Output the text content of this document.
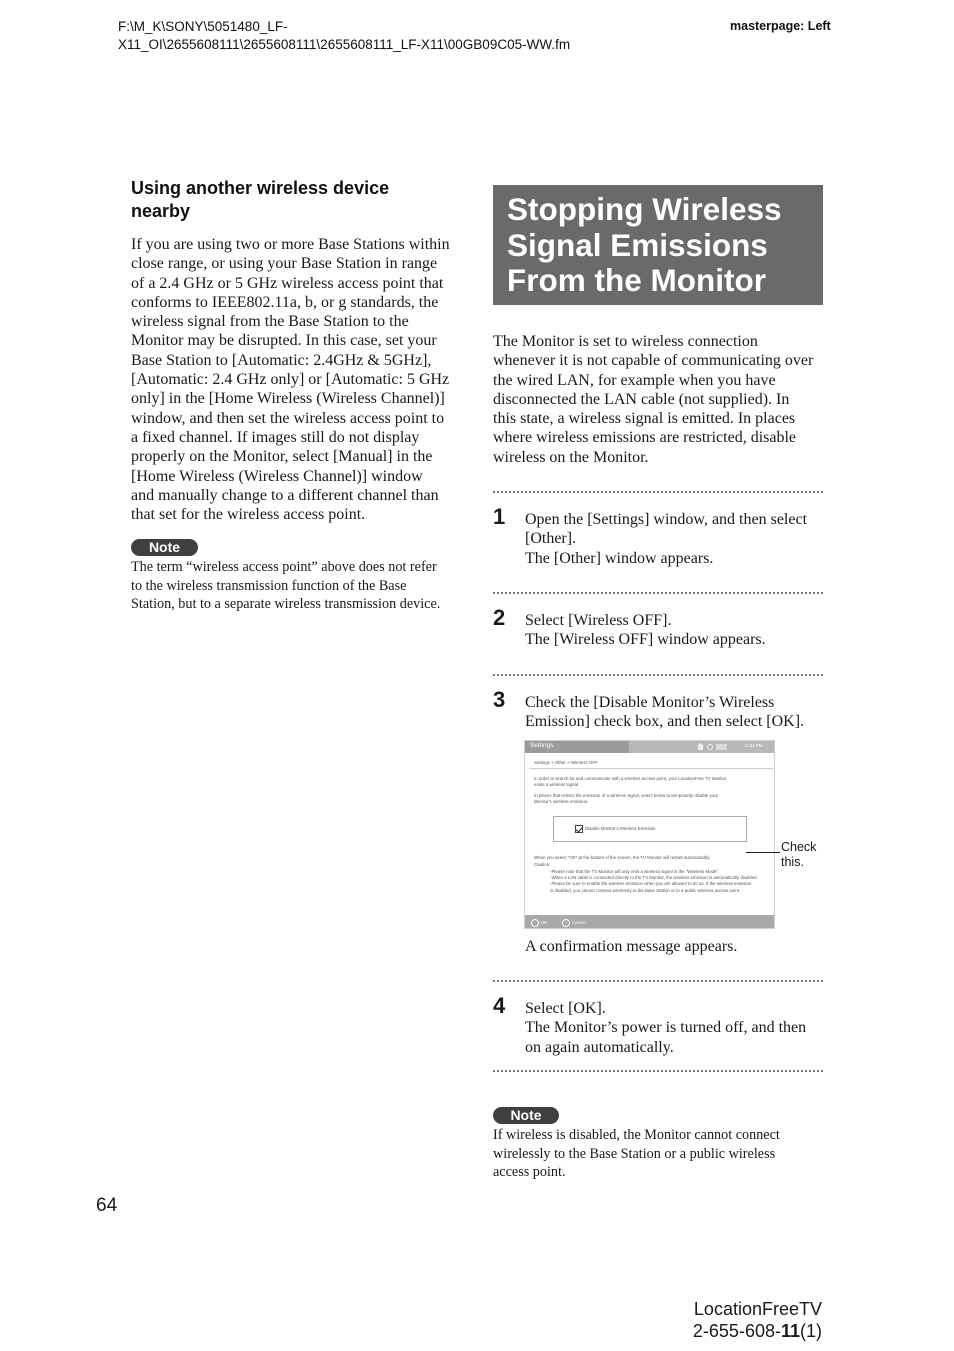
F:\M_K\SONY\5051480_LF-
X11_OI\2655608111\2655608111\2655608111_LF-X11\00GB09C05-WW.fm
masterpage: Left
Using another wireless device
nearby
If you are using two or more Base Stations within
close range, or using your Base Station in range
of a 2.4 GHz or 5 GHz wireless access point that
conforms to IEEE802.11a, b, or g standards, the
wireless signal from the Base Station to the
Monitor may be disrupted. In this case, set your
Base Station to [Automatic: 2.4GHz & 5GHz],
[Automatic: 2.4 GHz only] or [Automatic: 5 GHz
only] in the [Home Wireless (Wireless Channel)]
window, and then set the wireless access point to
a fixed channel. If images still do not display
properly on the Monitor, select [Manual] in the
[Home Wireless (Wireless Channel)] window
and manually change to a different channel than
that set for the wireless access point.
Note
The term “wireless access point” above does not refer
to the wireless transmission function of the Base
Station, but to a separate wireless transmission device.
Stopping Wireless
Signal Emissions
From the Monitor
The Monitor is set to wireless connection
whenever it is not capable of communicating over
the wired LAN, for example when you have
disconnected the LAN cable (not supplied). In
this state, a wireless signal is emitted. In places
where wireless emissions are restricted, disable
wireless on the Monitor.
1 Open the [Settings] window, and then select
[Other].
The [Other] window appears.
2 Select [Wireless OFF].
The [Wireless OFF] window appears.
3 Check the [Disable Monitor’s Wireless
Emission] check box, and then select [OK].
Settings	11:52 PM
Settings > Other > Wireless OFF
In order to search for and communicate with a wireless access point, your LocationFree TV Monitor
emits a wireless signal.
In places that restrict the emission of a wireless signal, select below to temporarily disable your
Monitor's wireless emission.
Disable Monitor's Wireless Emission
When you select "OK" at the bottom of the screen, the TV Monitor will restart automatically.
Caution:
-Please note that the TV Monitor will only emit a wireless signal in the "Wireless Mode".
-When a LAN cable is connected directly to the TV Monitor, the wireless emission is automatically disabled.
-Please be sure to enable the wireless emission when you are allowed to do so. If the wireless emission
is disabled, you cannot connect wirelessly to the Base Station or to a public wireless access point.
OK	Cancel
Check
this.
A confirmation message appears.
4 Select [OK].
The Monitor’s power is turned off, and then
on again automatically.
Note
If wireless is disabled, the Monitor cannot connect
wirelessly to the Base Station or a public wireless
access point.
64
LocationFreeTV
2-655-608-11(1)
